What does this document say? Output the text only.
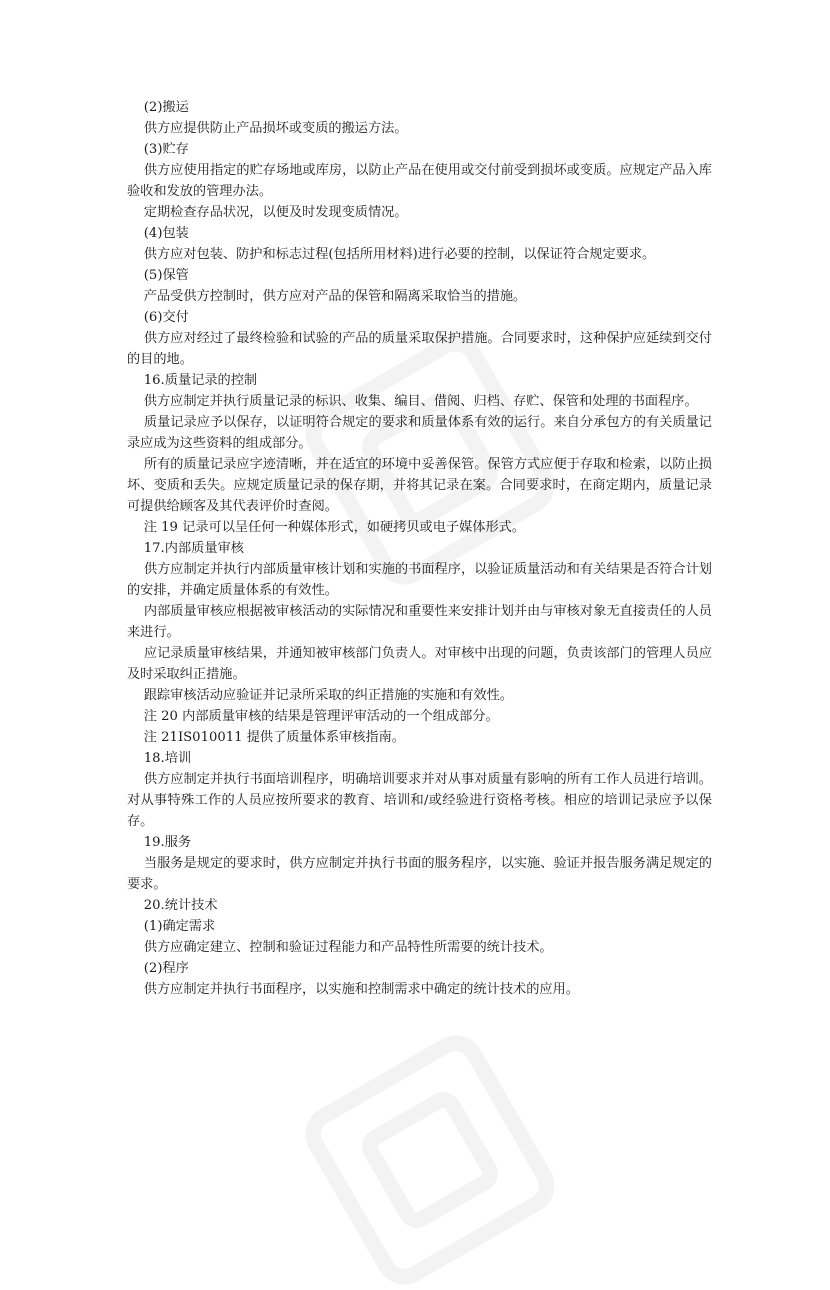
(2)搬运
供方应提供防止产品损坏或变质的搬运方法。
(3)贮存
供方应使用指定的贮存场地或库房，以防止产品在使用或交付前受到损坏或变质。应规定产品入库验收和发放的管理办法。
定期检查存品状况，以便及时发现变质情况。
(4)包装
供方应对包装、防护和标志过程(包括所用材料)进行必要的控制，以保证符合规定要求。
(5)保管
产品受供方控制时，供方应对产品的保管和隔离采取恰当的措施。
(6)交付
供方应对经过了最终检验和试验的产品的质量采取保护措施。合同要求时，这种保护应延续到交付的目的地。
16.质量记录的控制
供方应制定并执行质量记录的标识、收集、编目、借阅、归档、存贮、保管和处理的书面程序。
质量记录应予以保存，以证明符合规定的要求和质量体系有效的运行。来自分承包方的有关质量记录应成为这些资料的组成部分。
所有的质量记录应字迹清晰，并在适宜的环境中妥善保管。保管方式应便于存取和检索，以防止损坏、变质和丢失。应规定质量记录的保存期，并将其记录在案。合同要求时，在商定期内，质量记录可提供给顾客及其代表评价时查阅。
注 19 记录可以呈任何一种媒体形式，如硬拷贝或电子媒体形式。
17.内部质量审核
供方应制定并执行内部质量审核计划和实施的书面程序，以验证质量活动和有关结果是否符合计划的安排，并确定质量体系的有效性。
内部质量审核应根据被审核活动的实际情况和重要性来安排计划并由与审核对象无直接责任的人员来进行。
应记录质量审核结果，并通知被审核部门负责人。对审核中出现的问题，负责该部门的管理人员应及时采取纠正措施。
跟踪审核活动应验证并记录所采取的纠正措施的实施和有效性。
注 20 内部质量审核的结果是管理评审活动的一个组成部分。
注 21IS010011 提供了质量体系审核指南。
18.培训
供方应制定并执行书面培训程序，明确培训要求并对从事对质量有影响的所有工作人员进行培训。对从事特殊工作的人员应按所要求的教育、培训和/或经验进行资格考核。相应的培训记录应予以保存。
19.服务
当服务是规定的要求时，供方应制定并执行书面的服务程序，以实施、验证并报告服务满足规定的要求。
20.统计技术
(1)确定需求
供方应确定建立、控制和验证过程能力和产品特性所需要的统计技术。
(2)程序
供方应制定并执行书面程序，以实施和控制需求中确定的统计技术的应用。
